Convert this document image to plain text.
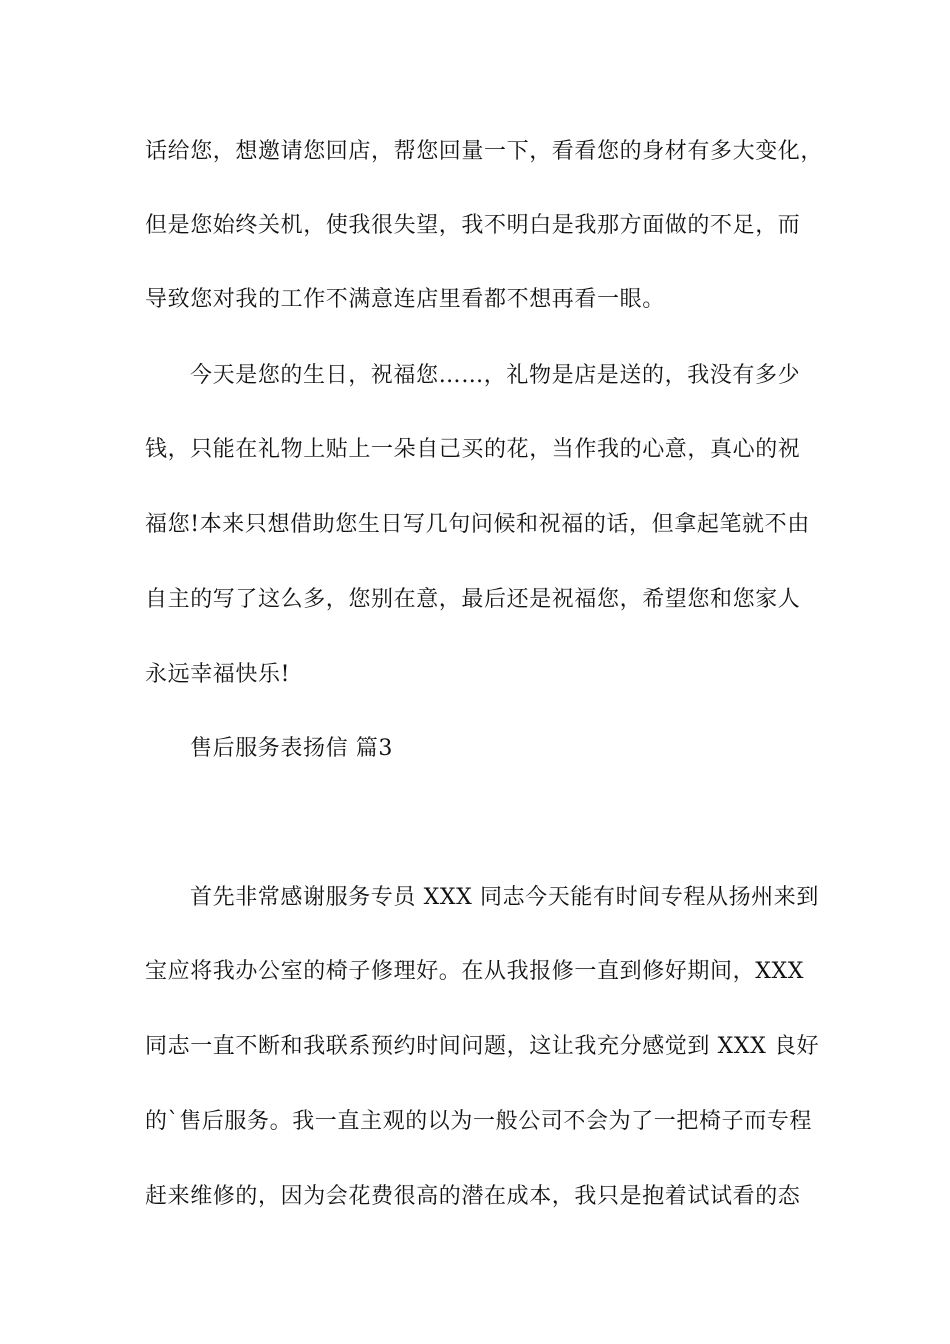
话给您，想邀请您回店，帮您回量一下，看看您的身材有多大变化，
但是您始终关机，使我很失望，我不明白是我那方面做的不足，而
导致您对我的工作不满意连店里看都不想再看一眼。
今天是您的生日，祝福您……，礼物是店是送的，我没有多少
钱，只能在礼物上贴上一朵自己买的花，当作我的心意，真心的祝
福您!本来只想借助您生日写几句问候和祝福的话，但拿起笔就不由
自主的写了这么多，您别在意，最后还是祝福您，希望您和您家人
永远幸福快乐!
售后服务表扬信 篇3
首先非常感谢服务专员 XXX 同志今天能有时间专程从扬州来到
宝应将我办公室的椅子修理好。在从我报修一直到修好期间，XXX
同志一直不断和我联系预约时间问题，这让我充分感觉到 XXX 良好
的`售后服务。我一直主观的以为一般公司不会为了一把椅子而专程
赶来维修的，因为会花费很高的潜在成本，我只是抱着试试看的态
